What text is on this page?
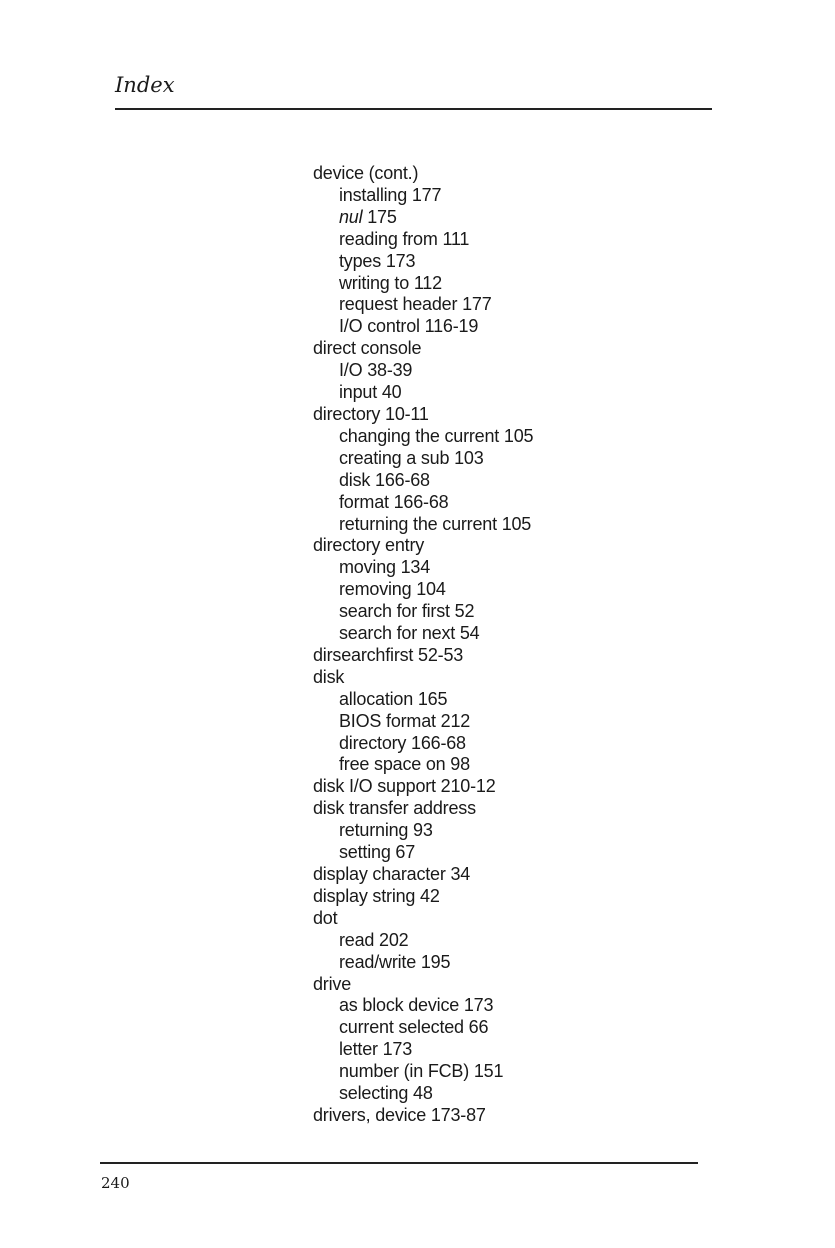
Index
device (cont.)
installing 177
nul 175
reading from 111
types 173
writing to 112
request header 177
I/O control 116-19
direct console
I/O 38-39
input 40
directory 10-11
changing the current 105
creating a sub 103
disk 166-68
format 166-68
returning the current 105
directory entry
moving 134
removing 104
search for first 52
search for next 54
dirsearchfirst 52-53
disk
allocation 165
BIOS format 212
directory 166-68
free space on 98
disk I/O support 210-12
disk transfer address
returning 93
setting 67
display character 34
display string 42
dot
read 202
read/write 195
drive
as block device 173
current selected 66
letter 173
number (in FCB) 151
selecting 48
drivers, device 173-87
240
